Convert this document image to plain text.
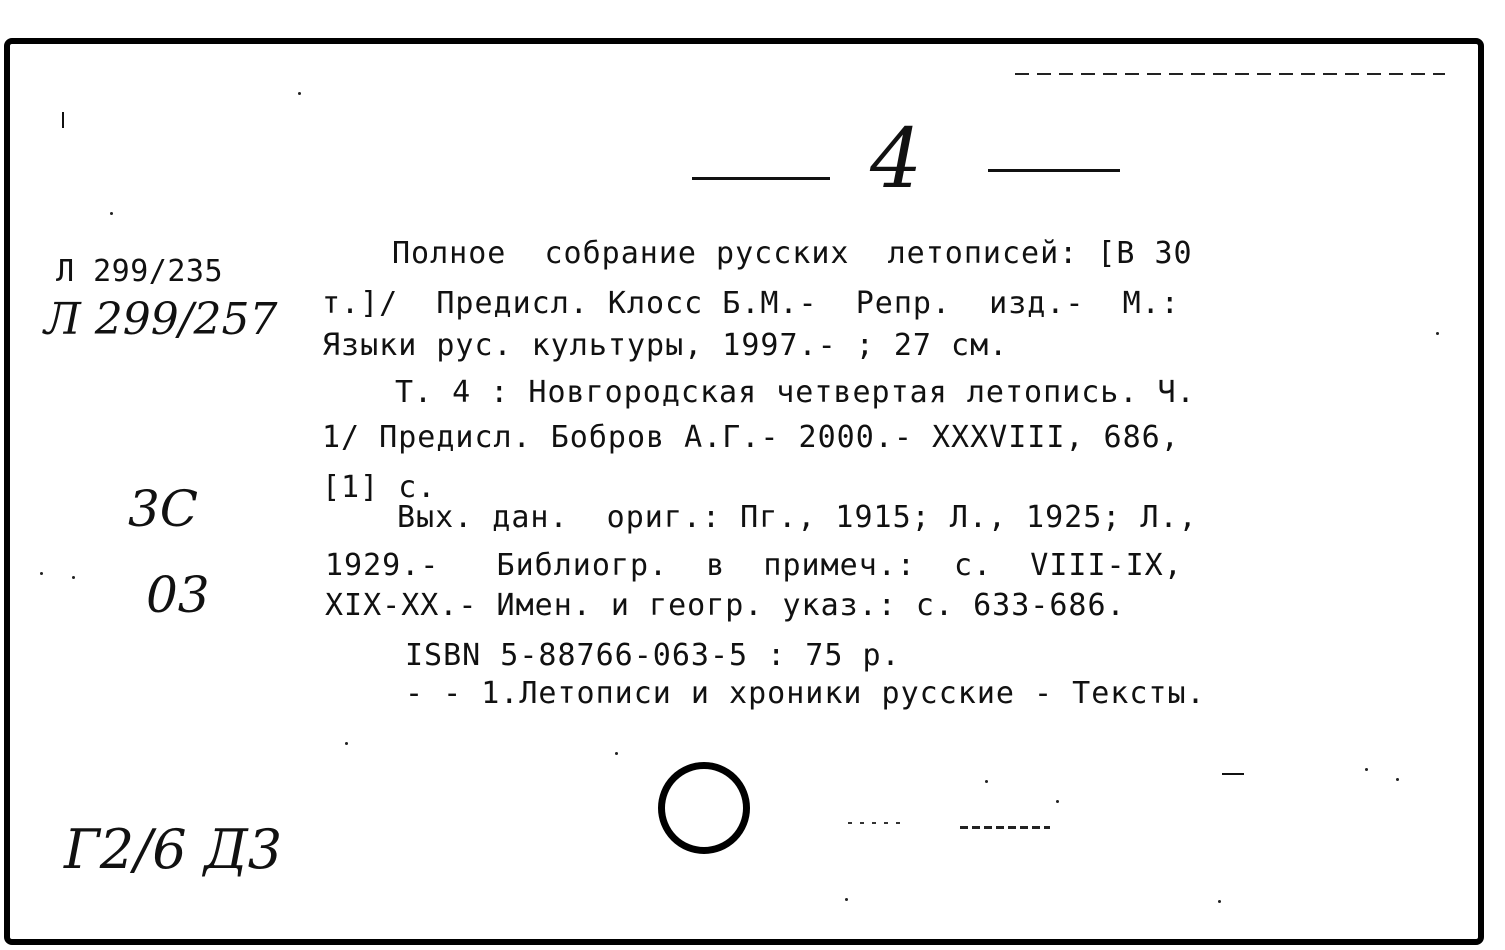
4
Л 299/235
Л 299/257
3С
03
Г2/6 Д3
Полное  собрание русских  летописей: [В 30
т.]/  Предисл. Клосс Б.М.-  Репр.  изд.-  М.:
Языки рус. культуры, 1997.- ; 27 см.
Т. 4 : Новгородская четвертая летопись. Ч.
1/ Предисл. Бобров А.Г.- 2000.- XXXVIII, 686,
[1] с.
Вых. дан.  ориг.: Пг., 1915; Л., 1925; Л.,
1929.-   Библиогр.  в  примеч.:  с.  VIII-IX,
XIX-XX.- Имен. и геогр. указ.: с. 633-686.
ISBN 5-88766-063-5 : 75 р.
- - 1.Летописи и хроники русские - Тексты.
